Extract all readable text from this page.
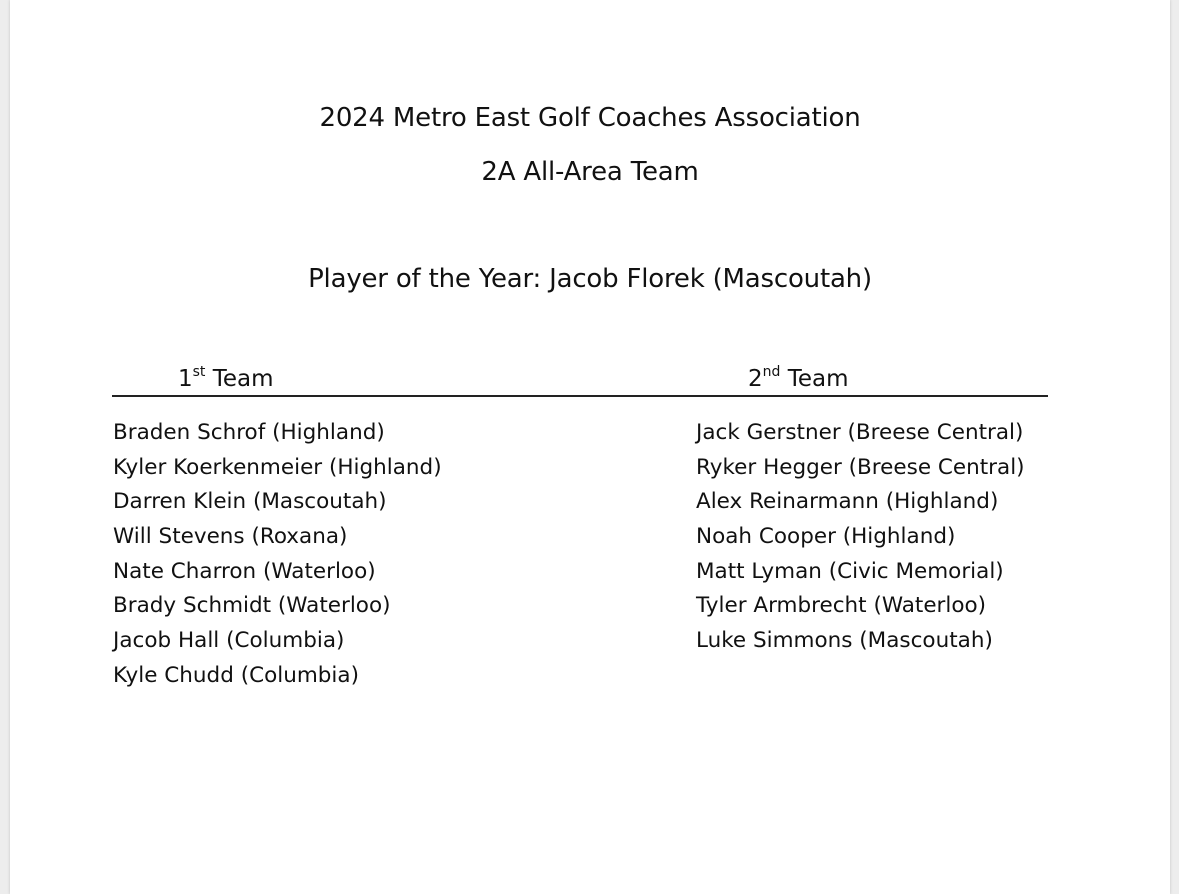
2024 Metro East Golf Coaches Association
2A All-Area Team
Player of the Year: Jacob Florek (Mascoutah)
1st Team	2nd Team
Braden Schrof (Highland)
Kyler Koerkenmeier (Highland)
Darren Klein (Mascoutah)
Will Stevens (Roxana)
Nate Charron (Waterloo)
Brady Schmidt (Waterloo)
Jacob Hall (Columbia)
Kyle Chudd (Columbia)
Jack Gerstner (Breese Central)
Ryker Hegger (Breese Central)
Alex Reinarmann (Highland)
Noah Cooper (Highland)
Matt Lyman (Civic Memorial)
Tyler Armbrecht (Waterloo)
Luke Simmons (Mascoutah)
